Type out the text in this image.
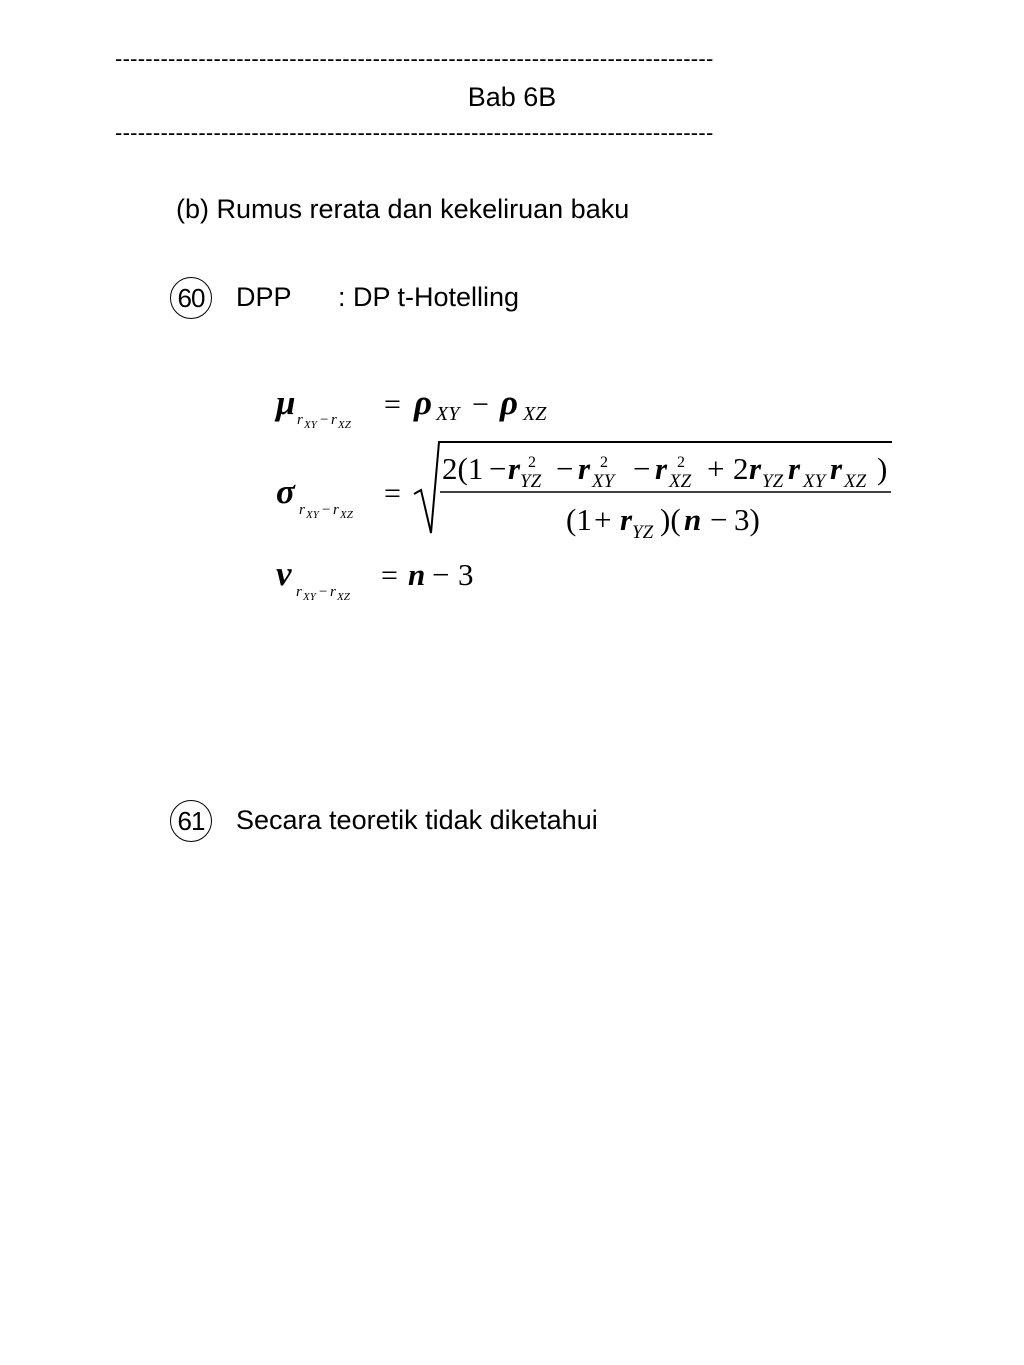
-------------------------------------------------------------------------------
Bab 6B
-------------------------------------------------------------------------------
(b) Rumus rerata dan kekeliruan baku
60 DPP : DP t-Hotelling
μ r XY − r XZ
= ρ XY − ρ XZ
σ r XY − r XZ
=
2(1 − r 2
YZ − r 2
XY − r 2
XZ + 2 r YZ r XY r XZ )
(1 + r YZ )( n − 3)
ν r XY − r XZ
= n − 3
61 Secara teoretik tidak diketahui
